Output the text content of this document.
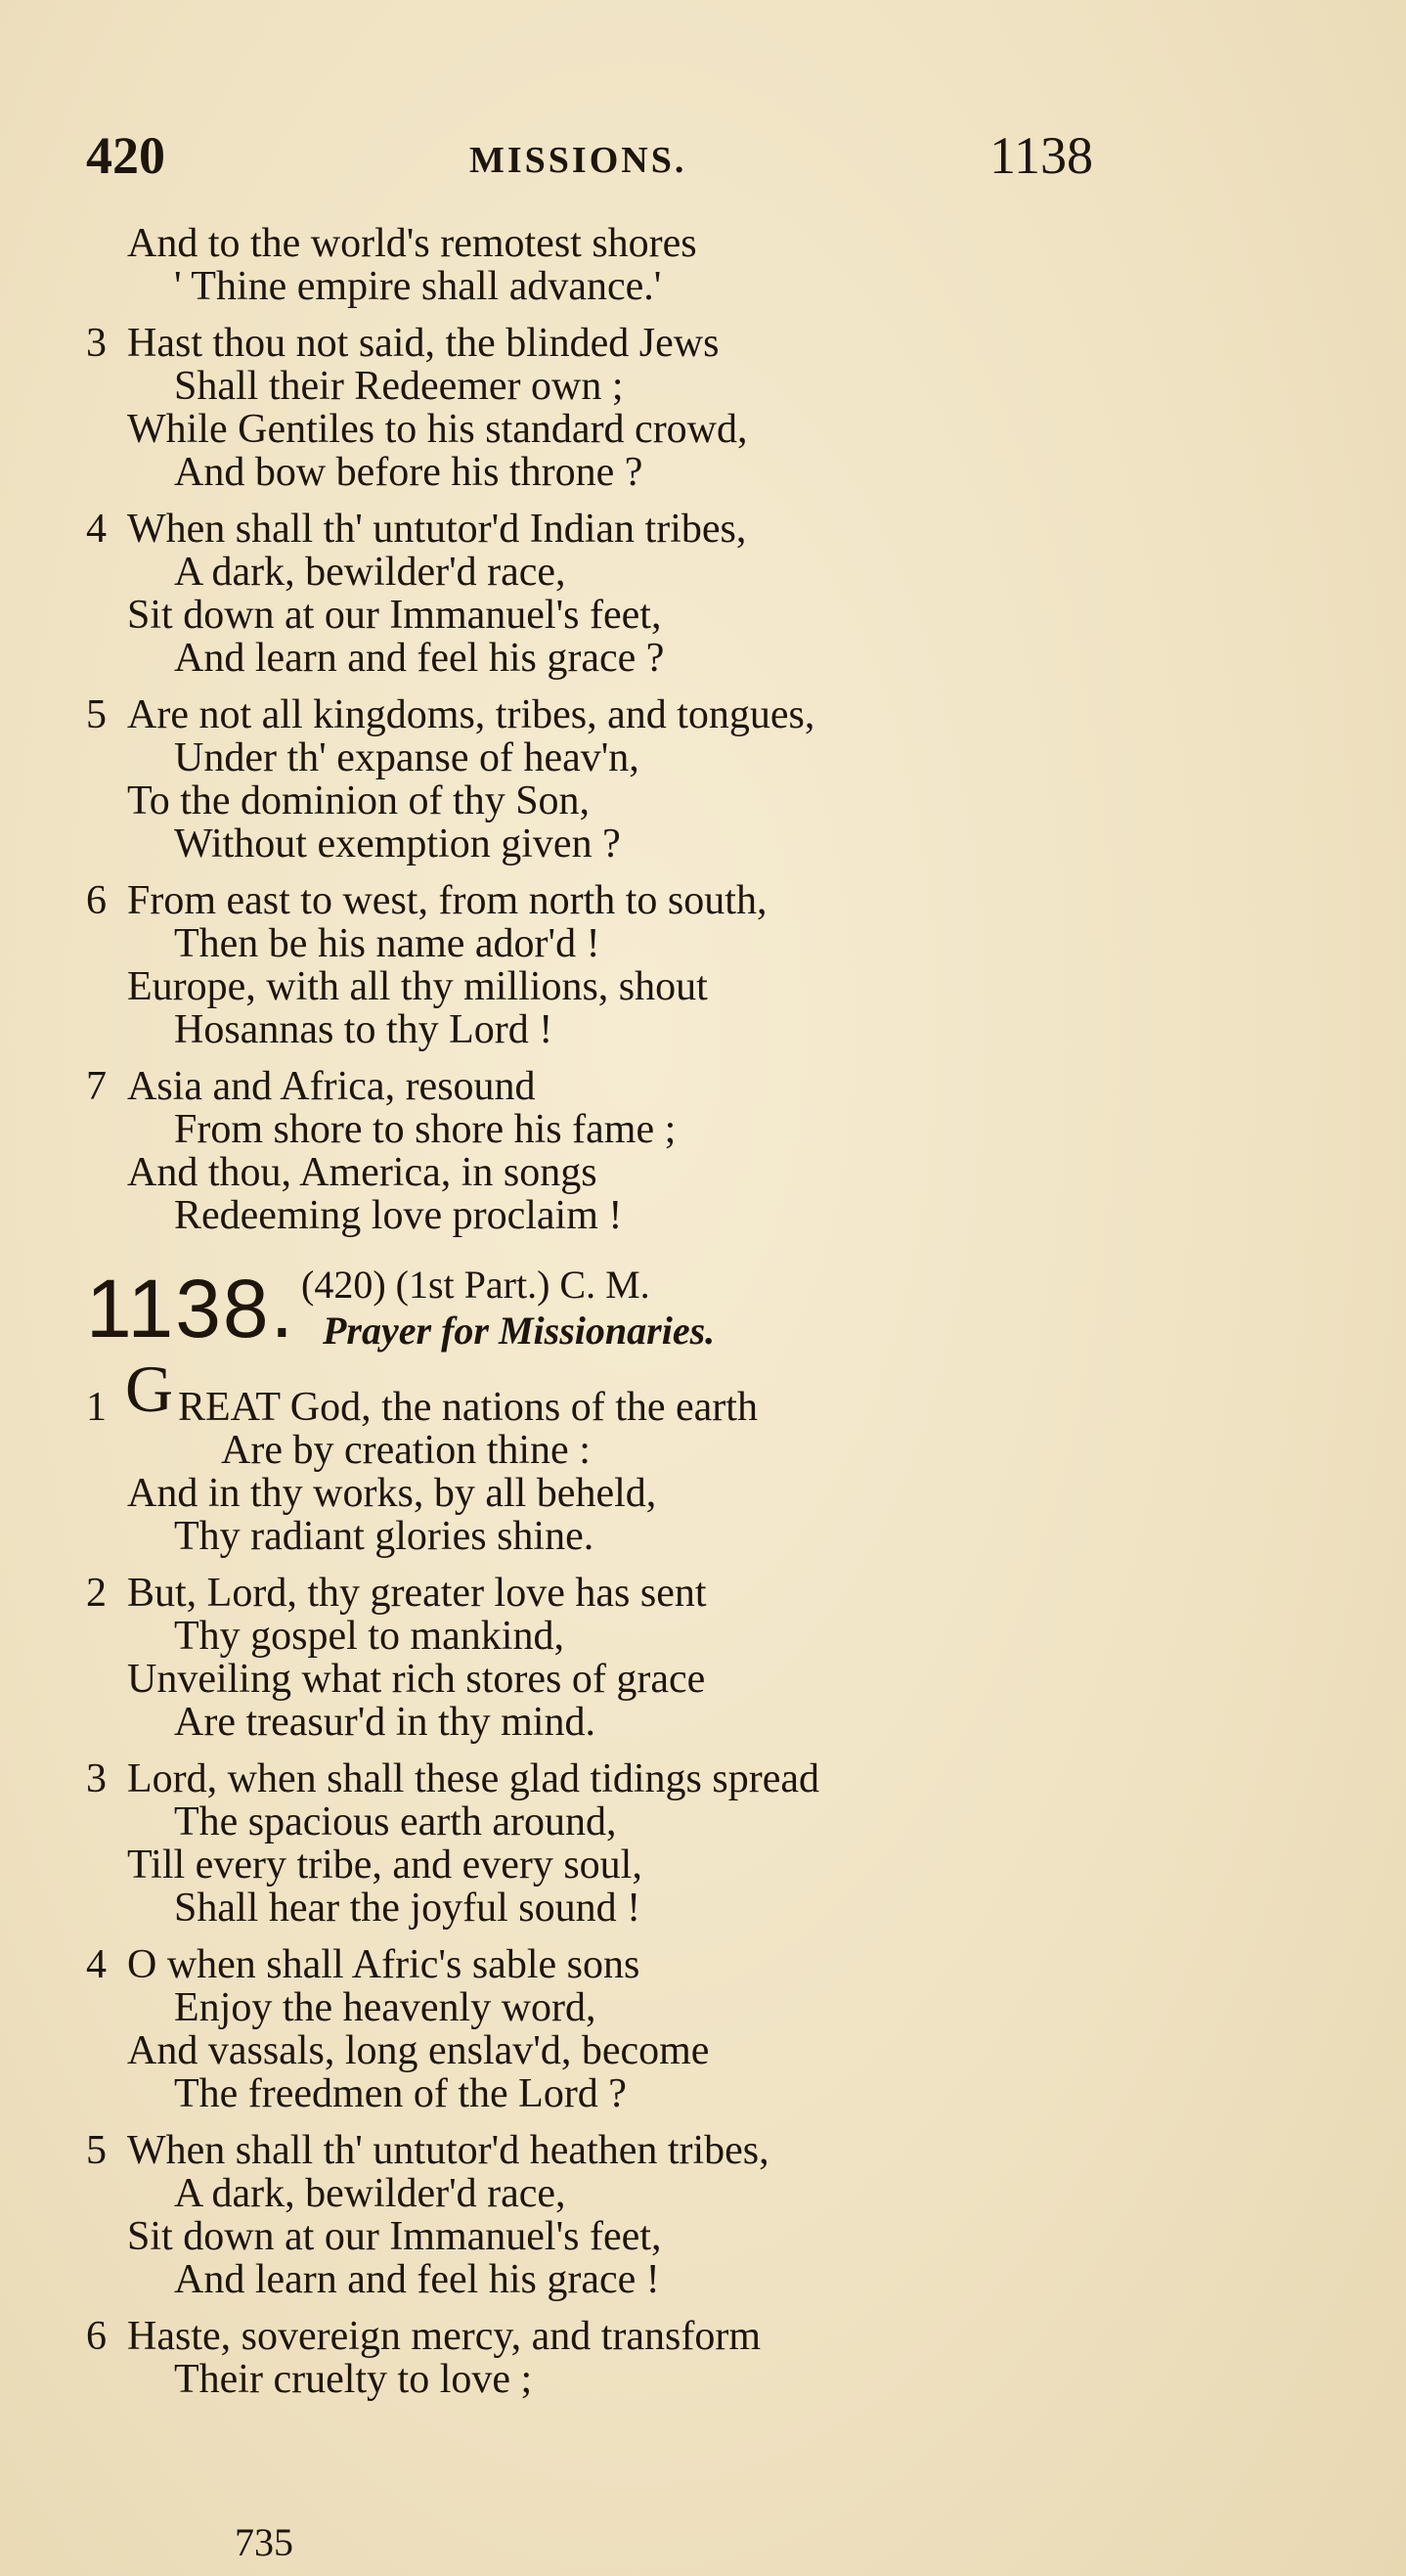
420	MISSIONS.	1138
And to the world's remotest shores
' Thine empire shall advance.'
3 Hast thou not said, the blinded Jews
Shall their Redeemer own ;
While Gentiles to his standard crowd,
And bow before his throne ?
4 When shall th' untutor'd Indian tribes,
A dark, bewilder'd race,
Sit down at our Immanuel's feet,
And learn and feel his grace ?
5 Are not all kingdoms, tribes, and tongues,
Under th' expanse of heav'n,
To the dominion of thy Son,
Without exemption given ?
6 From east to west, from north to south,
Then be his name ador'd !
Europe, with all thy millions, shout
Hosannas to thy Lord !
7 Asia and Africa, resound
From shore to shore his fame ;
And thou, America, in songs
Redeeming love proclaim !
1 REAT God, the nations of the earth
Are by creation thine :
And in thy works, by all beheld,
Thy radiant glories shine.
2 But, Lord, thy greater love has sent
Thy gospel to mankind,
Unveiling what rich stores of grace
Are treasur'd in thy mind.
3 Lord, when shall these glad tidings spread
The spacious earth around,
Till every tribe, and every soul,
Shall hear the joyful sound !
4 O when shall Afric's sable sons
Enjoy the heavenly word,
And vassals, long enslav'd, become
The freedmen of the Lord ?
5 When shall th' untutor'd heathen tribes,
A dark, bewilder'd race,
Sit down at our Immanuel's feet,
And learn and feel his grace !
6 Haste, sovereign mercy, and transform
Their cruelty to love ;
1138. (420) (1st Part.) C. M.
Prayer for Missionaries.
G
735
